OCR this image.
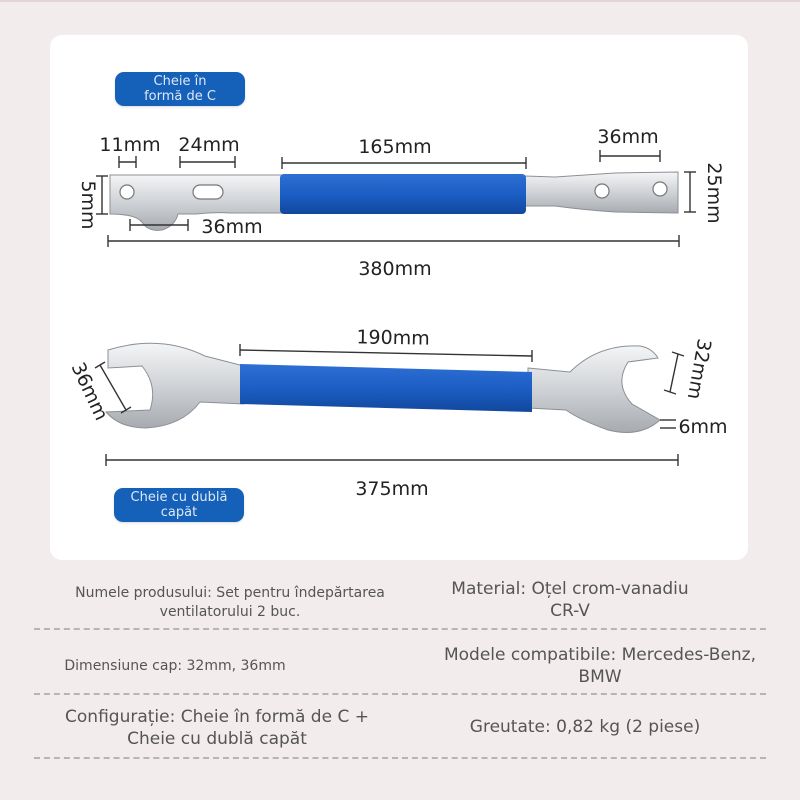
11mm 24mm	165mm	36mm
5mm	36mm
25mm
380mm
190mm
36mm	32mm
6mm
375mm
Cheie în
formă de C
Cheie cu dublă
capăt
Numele produsului: Set pentru îndepărtarea ventilatorului 2 buc.
Material: Oțel crom-vanadiu
CR-V
Dimensiune cap: 32mm, 36mm
Modele compatibile: Mercedes-Benz,
BMW
Configurație: Cheie în formă de C +
Cheie cu dublă capăt
Greutate: 0,82 kg (2 piese)
